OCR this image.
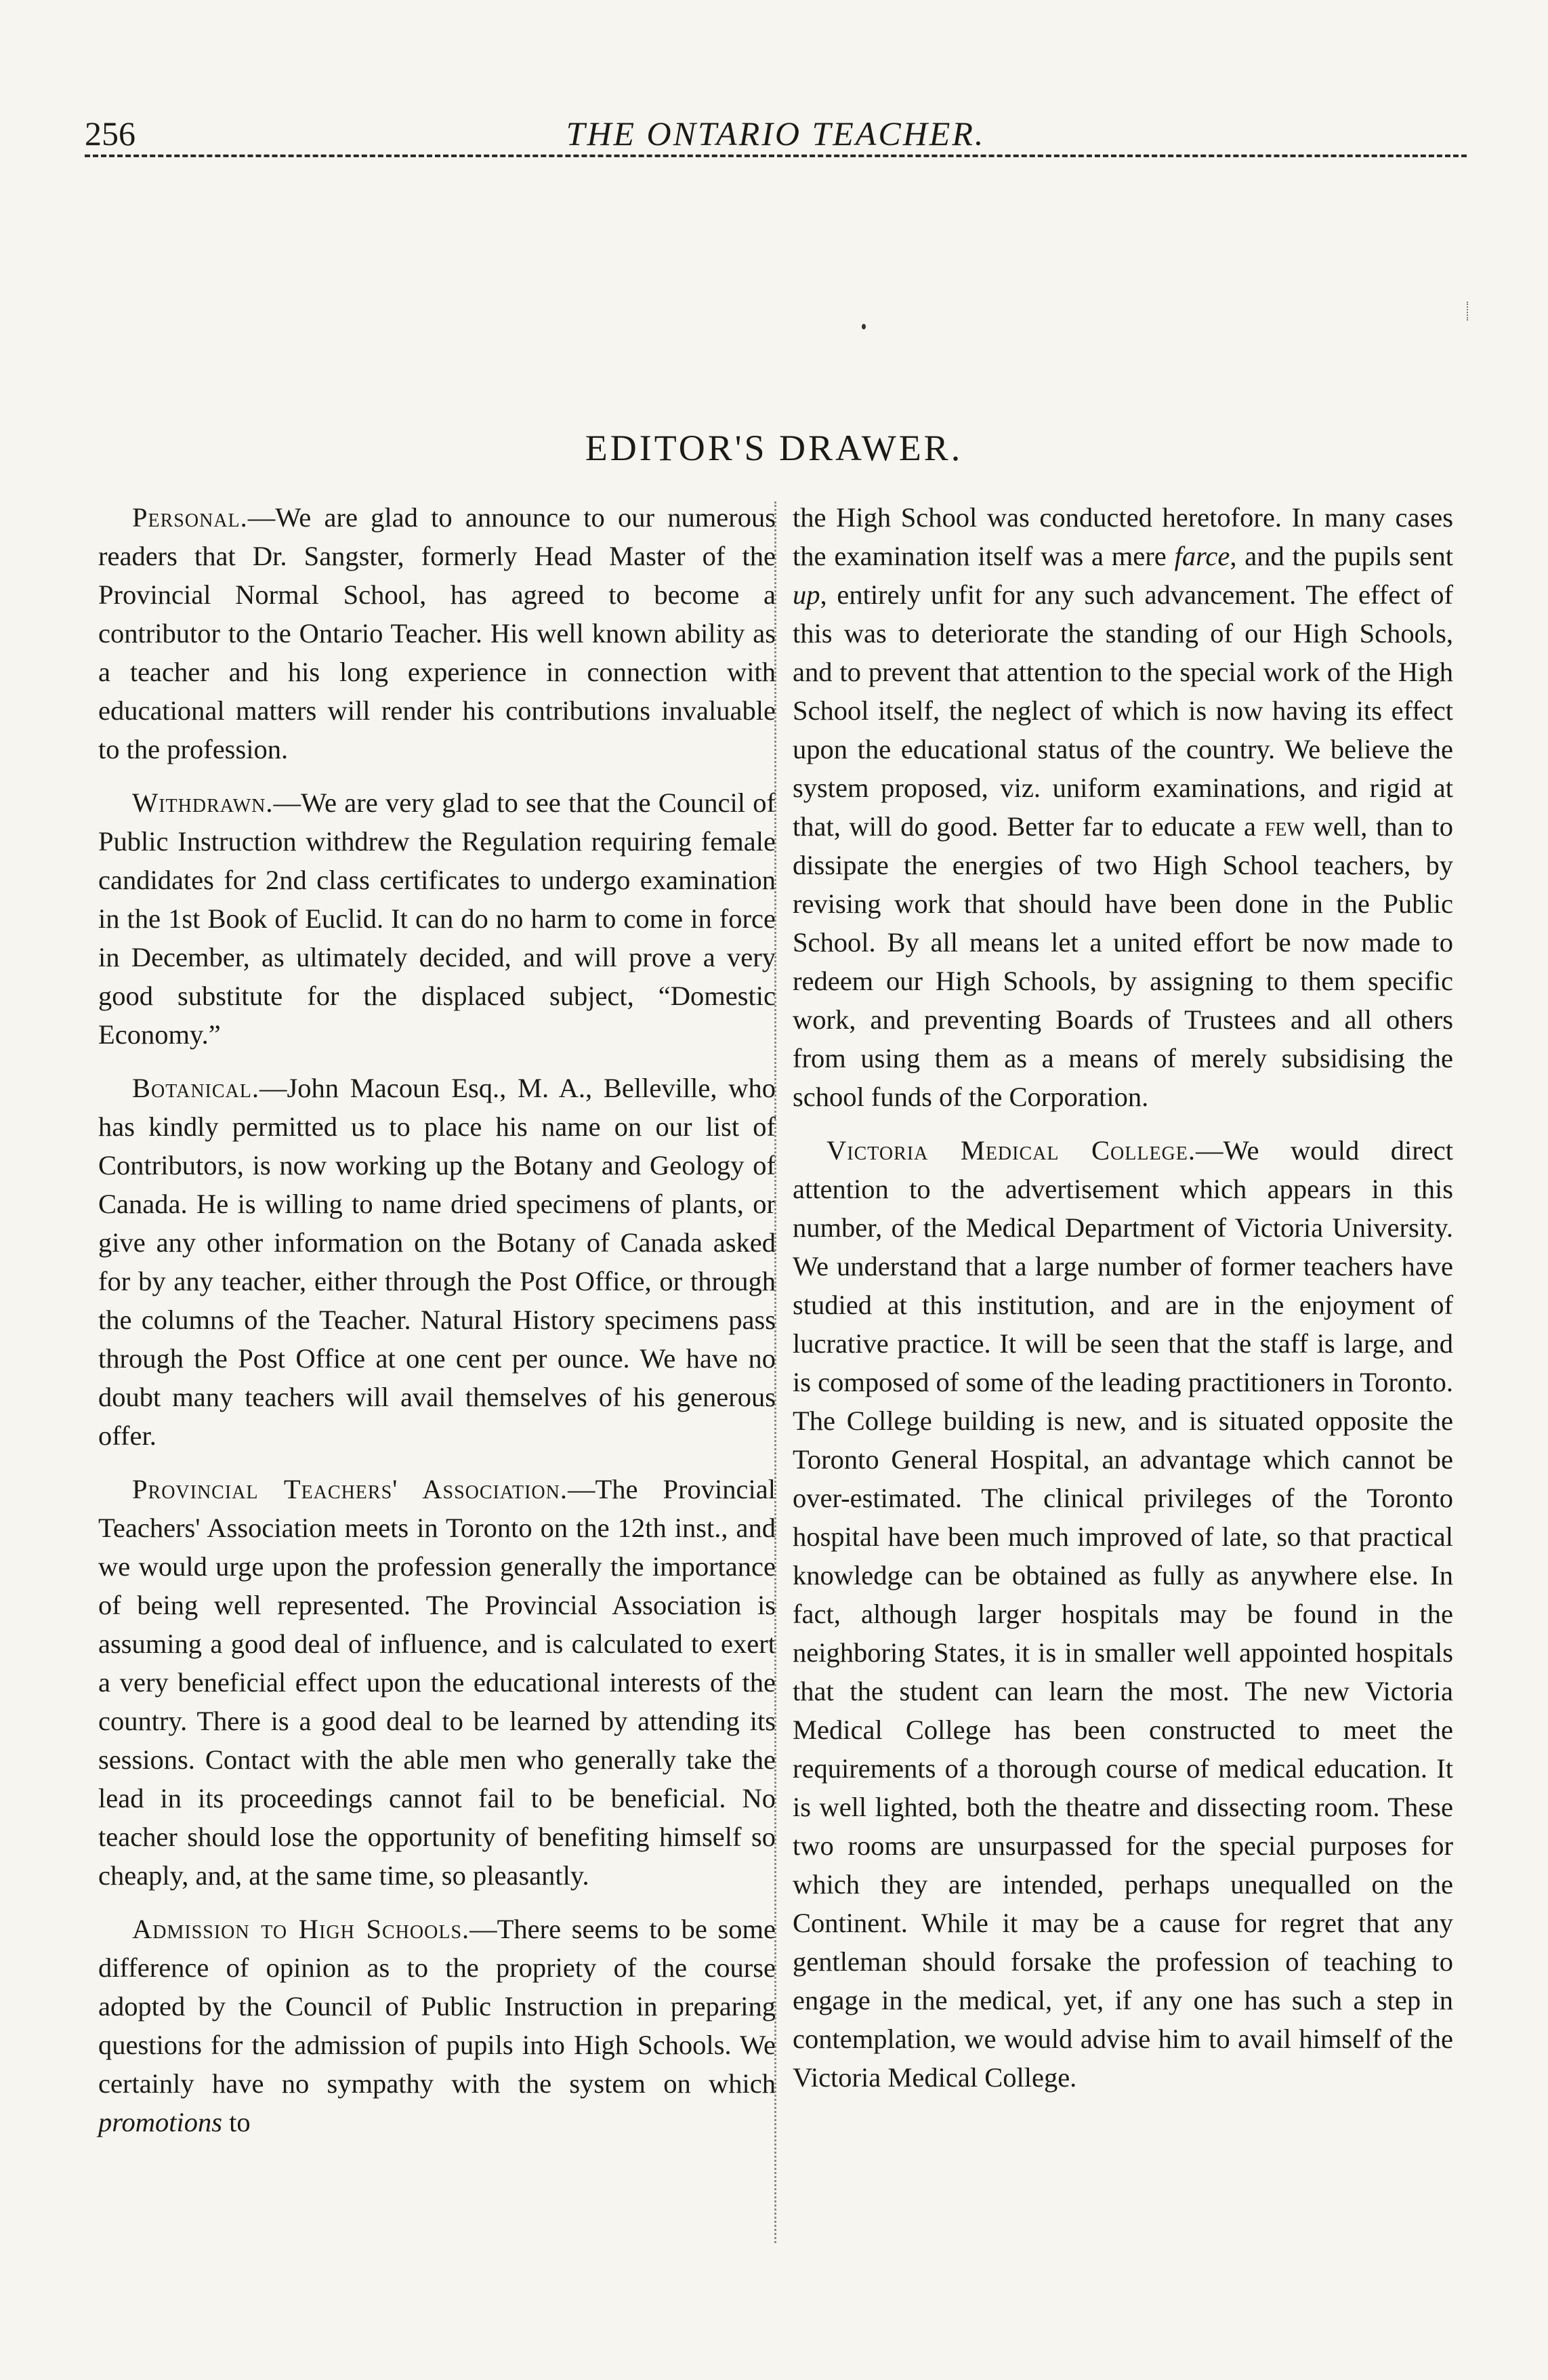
256	THE ONTARIO TEACHER.
EDITOR'S DRAWER.

Personal.—We are glad to announce to our numerous readers that Dr. Sangster, formerly Head Master of the Provincial Normal School, has agreed to become a contributor to the Ontario Teacher. His well known ability as a teacher and his long experience in connection with educational matters will render his contributions invaluable to the profession.

Withdrawn.—We are very glad to see that the Council of Public Instruction withdrew the Regulation requiring female candidates for 2nd class certificates to undergo examination in the 1st Book of Euclid. It can do no harm to come in force in December, as ultimately decided, and will prove a very good substitute for the displaced subject, “Domestic Economy.”

Botanical.—John Macoun Esq., M. A., Belleville, who has kindly permitted us to place his name on our list of Contributors, is now working up the Botany and Geology of Canada. He is willing to name dried specimens of plants, or give any other information on the Botany of Canada asked for by any teacher, either through the Post Office, or through the columns of the Teacher. Natural History specimens pass through the Post Office at one cent per ounce. We have no doubt many teachers will avail themselves of his generous offer.

Provincial Teachers' Association.—The Provincial Teachers' Association meets in Toronto on the 12th inst., and we would urge upon the profession generally the importance of being well represented. The Provincial Association is assuming a good deal of influence, and is calculated to exert a very beneficial effect upon the educational interests of the country. There is a good deal to be learned by attending its sessions. Contact with the able men who generally take the lead in its proceedings cannot fail to be beneficial. No teacher should lose the opportunity of benefiting himself so cheaply, and, at the same time, so pleasantly.

Admission to High Schools.—There seems to be some difference of opinion as to the propriety of the course adopted by the Council of Public Instruction in preparing questions for the admission of pupils into High Schools. We certainly have no sympathy with the system on which promotions to

the High School was conducted heretofore. In many cases the examination itself was a mere farce, and the pupils sent up, entirely unfit for any such advancement. The effect of this was to deteriorate the standing of our High Schools, and to prevent that attention to the special work of the High School itself, the neglect of which is now having its effect upon the educational status of the country. We believe the system proposed, viz. uniform examinations, and rigid at that, will do good. Better far to educate a few well, than to dissipate the energies of two High School teachers, by revising work that should have been done in the Public School. By all means let a united effort be now made to redeem our High Schools, by assigning to them specific work, and preventing Boards of Trustees and all others from using them as a means of merely subsidising the school funds of the Corporation.

Victoria Medical College.—We would direct attention to the advertisement which appears in this number, of the Medical Department of Victoria University. We understand that a large number of former teachers have studied at this institution, and are in the enjoyment of lucrative practice. It will be seen that the staff is large, and is composed of some of the leading practitioners in Toronto. The College building is new, and is situated opposite the Toronto General Hospital, an advantage which cannot be over-estimated. The clinical privileges of the Toronto hospital have been much improved of late, so that practical knowledge can be obtained as fully as anywhere else. In fact, although larger hospitals may be found in the neighboring States, it is in smaller well appointed hospitals that the student can learn the most. The new Victoria Medical College has been constructed to meet the requirements of a thorough course of medical education. It is well lighted, both the theatre and dissecting room. These two rooms are unsurpassed for the special purposes for which they are intended, perhaps unequalled on the Continent. While it may be a cause for regret that any gentleman should forsake the profession of teaching to engage in the medical, yet, if any one has such a step in contemplation, we would advise him to avail himself of the Victoria Medical College.
